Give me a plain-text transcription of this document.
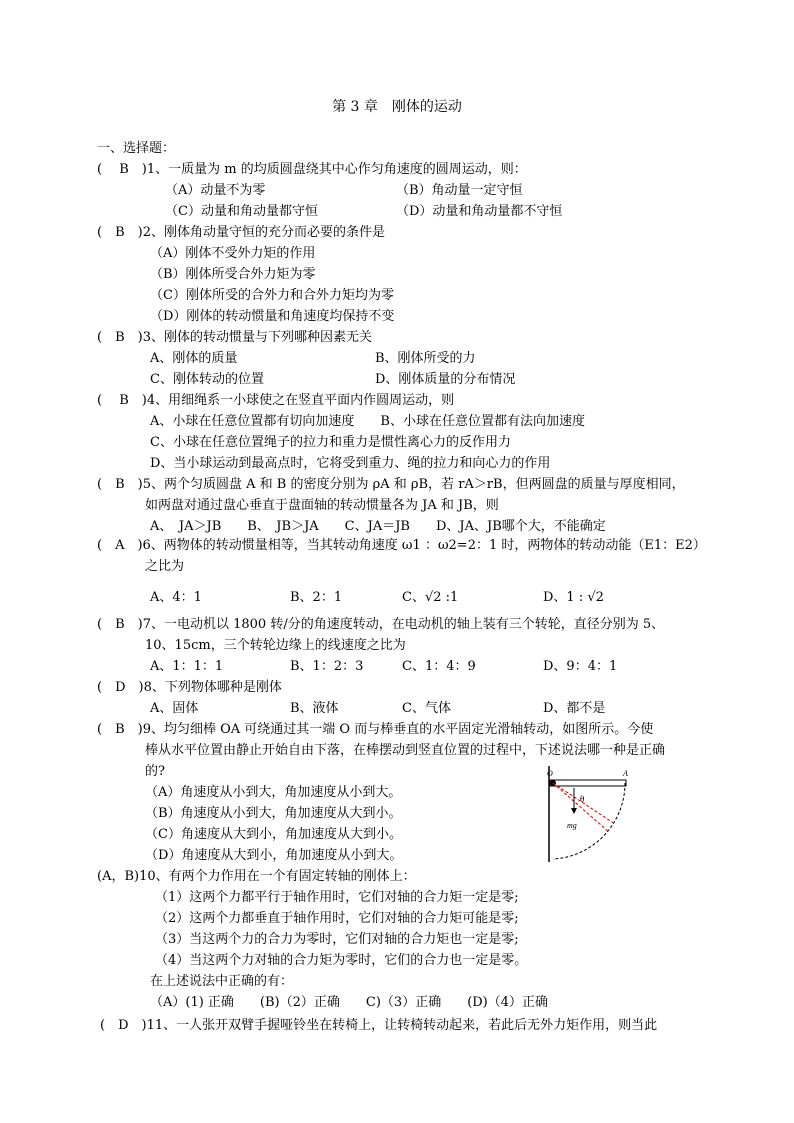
第 3 章　刚体的运动
一、选择题：
(　 B　)1、一质量为 m 的均质圆盘绕其中心作匀角速度的圆周运动，则：
（A）动量不为零	（B）角动量一定守恒
（C）动量和角动量都守恒	（D）动量和角动量都不守恒
(　B　)2、刚体角动量守恒的充分而必要的条件是
（A）刚体不受外力矩的作用
（B）刚体所受合外力矩为零
（C）刚体所受的合外力和合外力矩均为零
（D）刚体的转动惯量和角速度均保持不变
(　B　)3、刚体的转动惯量与下列哪种因素无关
A、刚体的质量	B、刚体所受的力
C、刚体转动的位置	D、刚体质量的分布情况
(　 B　)4、用细绳系一小球使之在竖直平面内作圆周运动，则
A、小球在任意位置都有切向加速度　　B、小球在任意位置都有法向加速度
C、小球在任意位置绳子的拉力和重力是惯性离心力的反作用力
D、当小球运动到最高点时，它将受到重力、绳的拉力和向心力的作用
(　B　)5、两个匀质圆盘 A 和 B 的密度分别为 ρA 和 ρB，若 rA＞rB，但两圆盘的质量与厚度相同，
如两盘对通过盘心垂直于盘面轴的转动惯量各为 JA 和 JB，则
A、　JA＞JB　　B、　JB＞JA　　C、JA＝JB　　D、JA、JB哪个大，不能确定
(　A　)6、两物体的转动惯量相等，当其转动角速度 ω1 ：ω2=2：1 时，两物体的转动动能（E1：E2）
之比为
A、4：1	B、2：1	C、√2 :1	D、1 : √2
(　B　)7、一电动机以 1800 转/分的角速度转动，在电动机的轴上装有三个转轮，直径分别为 5、
10、15cm，三个转轮边缘上的线速度之比为
A、1：1：1	B、1：2：3	C、1：4：9	D、9：4：1
(　D　)8、下列物体哪种是刚体
A、固体	B、液体	C、气体	D、都不是
(　B　)9、均匀细棒 OA 可绕通过其一端 O 而与棒垂直的水平固定光滑轴转动，如图所示。今使
棒从水平位置由静止开始自由下落，在棒摆动到竖直位置的过程中，下述说法哪一种是正确
的?
（A）角速度从小到大，角加速度从小到大。
（B）角速度从小到大，角加速度从大到小。
（C）角速度从大到小，角加速度从大到小。
（D）角速度从大到小，角加速度从小到大。
(A，B)10、有两个力作用在一个有固定转轴的刚体上：
（1）这两个力都平行于轴作用时，它们对轴的合力矩一定是零;
（2）这两个力都垂直于轴作用时，它们对轴的合力矩可能是零;
（3）当这两个力的合力为零时，它们对轴的合力矩也一定是零;
（4）当这两个力对轴的合力矩为零时，它们的合力也一定是零。
在上述说法中正确的有：
（A）(1) 正确　　(B)（2）正确　　C)（3）正确　　(D)（4）正确
(　D　)11、一人张开双臂手握哑铃坐在转椅上，让转椅转动起来，若此后无外力矩作用，则当此
O	A
θ
mg
